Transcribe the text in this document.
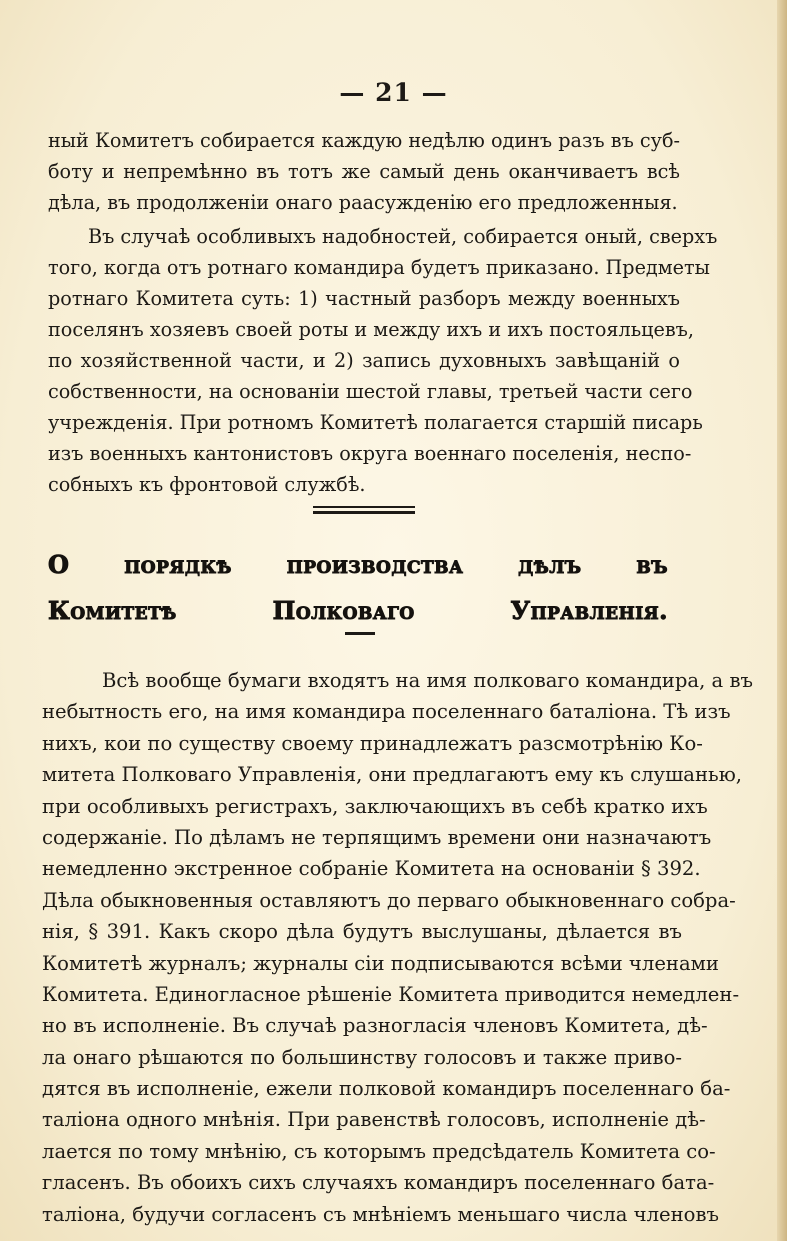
— 21 —
ный Комитетъ собирается каждую недѣлю одинъ разъ въ суб-
боту и непремѣнно въ тотъ же самый день оканчиваетъ всѣ
дѣла, въ продолженіи онаго раасужденію его предложенныя.
Въ случаѣ особливыхъ надобностей, собирается оный, сверхъ
того, когда отъ ротнаго командира будетъ приказано. Предметы
ротнаго Комитета суть: 1) частный разборъ между военныхъ
поселянъ хозяевъ своей роты и между ихъ и ихъ постояльцевъ,
по хозяйственной части, и 2) запись духовныхъ завѣщаній о
собственности, на основаніи шестой главы, третьей части сего
учрежденія. При ротномъ Комитетѣ полагается старшій писарь
изъ военныхъ кантонистовъ округа военнаго поселенія, неспо-
собныхъ къ фронтовой службѣ.
О порядкѣ производства дѣлъ въ
Комитетѣ Полковаго Управленія.
Всѣ вообще бумаги входятъ на имя полковаго командира, а въ
небытность его, на имя командира поселеннаго баталіона. Тѣ изъ
нихъ, кои по существу своему принадлежатъ разсмотрѣнію Ко-
митета Полковаго Управленія, они предлагаютъ ему къ слушанью,
при особливыхъ регистрахъ, заключающихъ въ себѣ кратко ихъ
содержаніе. По дѣламъ не терпящимъ времени они назначаютъ
немедленно экстренное собраніе Комитета на основаніи § 392.
Дѣла обыкновенныя оставляютъ до перваго обыкновеннаго собра-
нія, § 391. Какъ скоро дѣла будутъ выслушаны, дѣлается въ
Комитетѣ журналъ; журналы сіи подписываются всѣми членами
Комитета. Единогласное рѣшеніе Комитета приводится немедлен-
но въ исполненіе. Въ случаѣ разногласія членовъ Комитета, дѣ-
ла онаго рѣшаются по большинству голосовъ и также приво-
дятся въ исполненіе, ежели полковой командиръ поселеннаго ба-
таліона одного мнѣнія. При равенствѣ голосовъ, исполненіе дѣ-
лается по тому мнѣнію, съ которымъ предсѣдатель Комитета со-
гласенъ. Въ обоихъ сихъ случаяхъ командиръ поселеннаго бата-
таліона, будучи согласенъ съ мнѣніемъ меньшаго числа членовъ
